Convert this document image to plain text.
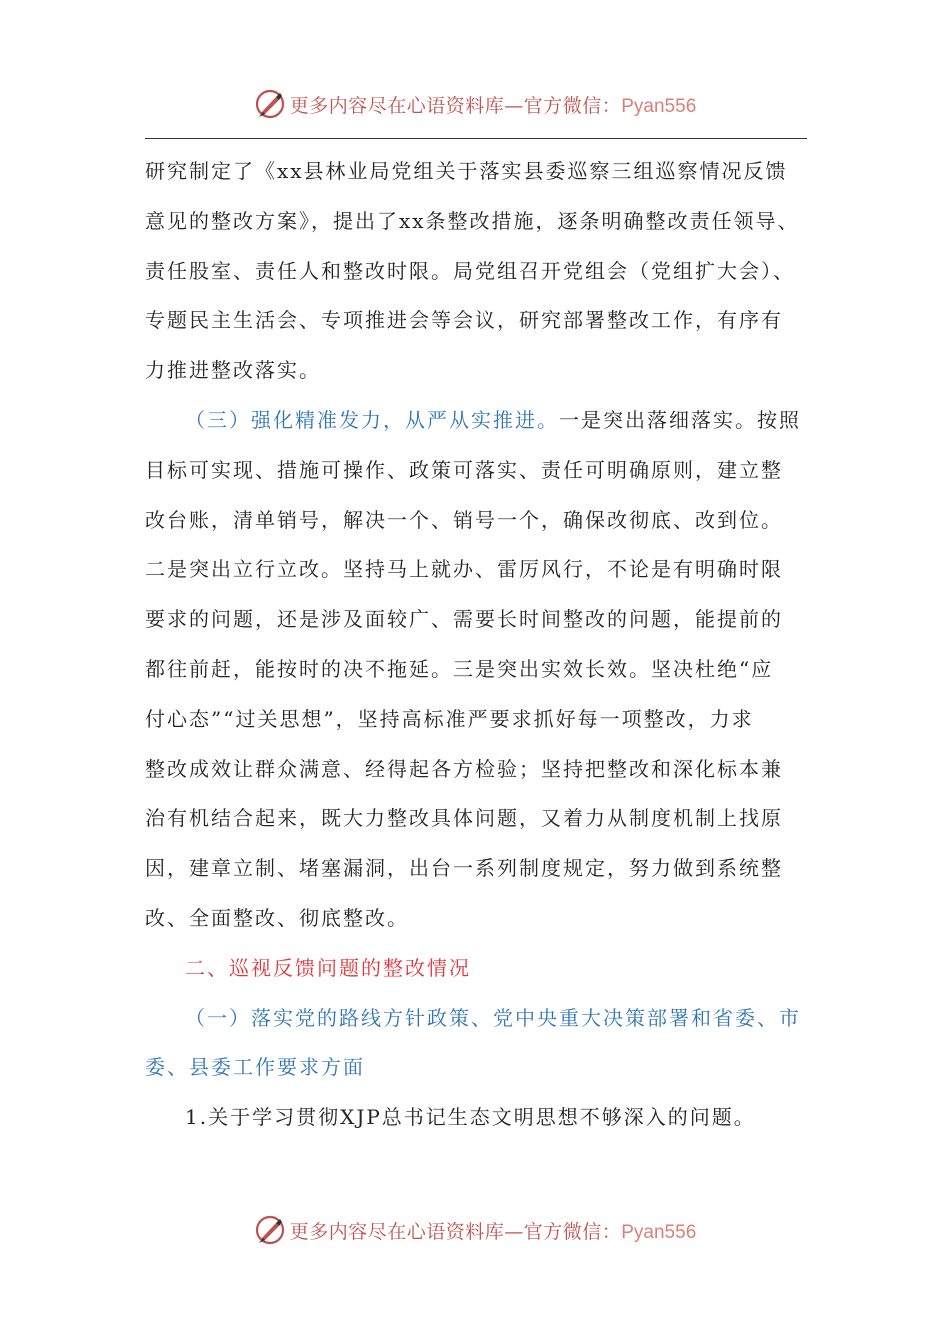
更多内容尽在心语资料库—官方微信：Pyan556
研究制定了《xx县林业局党组关于落实县委巡察三组巡察情况反馈
意见的整改方案》，提出了xx条整改措施，逐条明确整改责任领导、
责任股室、责任人和整改时限。局党组召开党组会（党组扩大会）、
专题民主生活会、专项推进会等会议，研究部署整改工作，有序有
力推进整改落实。
（三）强化精准发力，从严从实推进。一是突出落细落实。按照
目标可实现、措施可操作、政策可落实、责任可明确原则，建立整
改台账，清单销号，解决一个、销号一个，确保改彻底、改到位。
二是突出立行立改。坚持马上就办、雷厉风行，不论是有明确时限
要求的问题，还是涉及面较广、需要长时间整改的问题，能提前的
都往前赶，能按时的决不拖延。三是突出实效长效。坚决杜绝“应
付心态”“过关思想”，坚持高标准严要求抓好每一项整改，力求
整改成效让群众满意、经得起各方检验；坚持把整改和深化标本兼
治有机结合起来，既大力整改具体问题，又着力从制度机制上找原
因，建章立制、堵塞漏洞，出台一系列制度规定，努力做到系统整
改、全面整改、彻底整改。
二、巡视反馈问题的整改情况
（一）落实党的路线方针政策、党中央重大决策部署和省委、市
委、县委工作要求方面
1.关于学习贯彻XJP总书记生态文明思想不够深入的问题。
更多内容尽在心语资料库—官方微信：Pyan556
